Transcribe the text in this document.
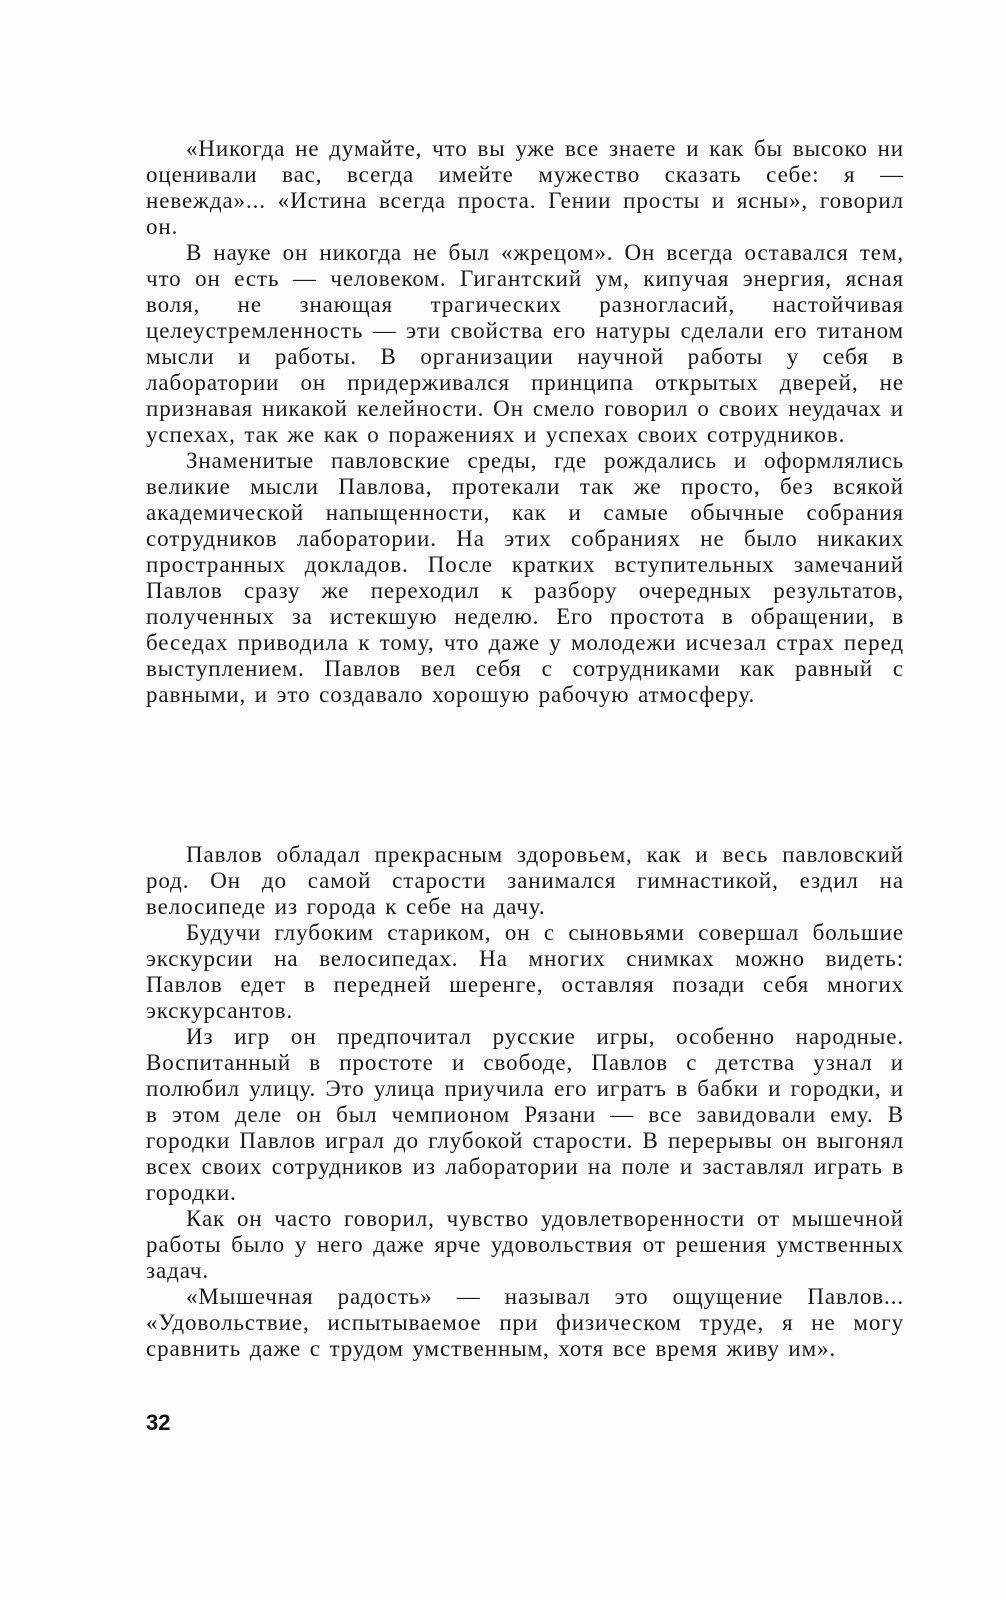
«Никогда не думайте, что вы уже все знаете и как бы высоко ни оценивали вас, всегда имейте мужество сказать себе: я — невежда»... «Истина всегда проста. Гении просты и ясны», говорил он.

В науке он никогда не был «жрецом». Он всегда оставался тем, что он есть — человеком. Гигантский ум, кипучая энергия, ясная воля, не знающая трагических разногласий, настойчивая целеустремленность — эти свойства его натуры сделали его титаном мысли и работы. В организации научной работы у себя в лаборатории он придерживался принципа открытых дверей, не признавая никакой келейности. Он смело говорил о своих неудачах и успехах, так же как о поражениях и успехах своих сотрудников.

Знаменитые павловские среды, где рождались и оформлялись великие мысли Павлова, протекали так же просто, без всякой академической напыщенности, как и самые обычные собрания сотрудников лаборатории. На этих собраниях не было никаких пространных докладов. После кратких вступительных замечаний Павлов сразу же переходил к разбору очередных результатов, полученных за истекшую неделю. Его простота в обращении, в беседах приводила к тому, что даже у молодежи исчезал страх перед выступлением. Павлов вел себя с сотрудниками как равный с равными, и это создавало хорошую рабочую атмосферу.

Павлов обладал прекрасным здоровьем, как и весь павловский род. Он до самой старости занимался гимнастикой, ездил на велосипеде из города к себе на дачу.

Будучи глубоким стариком, он с сыновьями совершал большие экскурсии на велосипедах. На многих снимках можно видеть: Павлов едет в передней шеренге, оставляя позади себя многих экскурсантов.

Из игр он предпочитал русские игры, особенно народные. Воспитанный в простоте и свободе, Павлов с детства узнал и полюбил улицу. Это улица приучила его игратъ в бабки и городки, и в этом деле он был чемпионом Рязани — все завидовали ему. В городки Павлов играл до глубокой старости. В перерывы он выгонял всех своих сотрудников из лаборатории на поле и заставлял играть в городки.

Как он часто говорил, чувство удовлетворенности от мышечной работы было у него даже ярче удовольствия от решения умственных задач.

«Мышечная радость» — называл это ощущение Павлов... «Удовольствие, испытываемое при физическом труде, я не могу сравнить даже с трудом умственным, хотя все время живу им».

32
